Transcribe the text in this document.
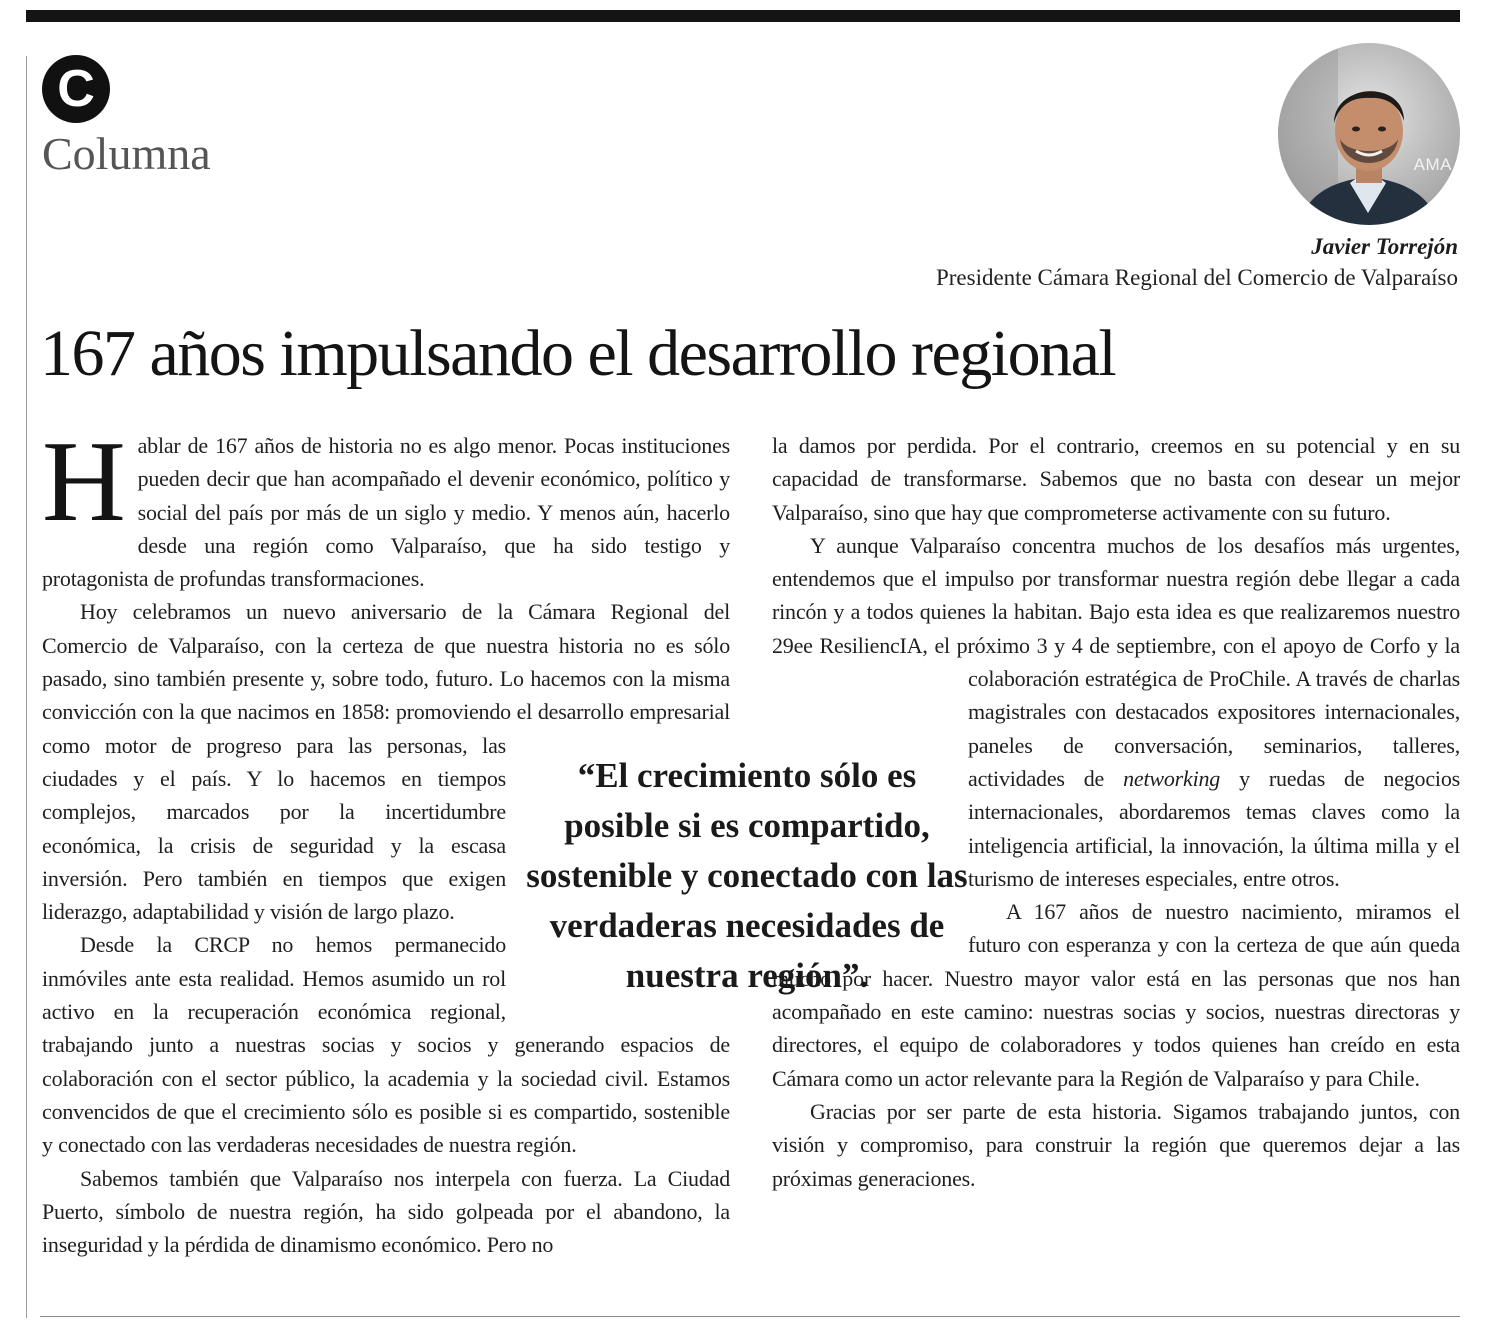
C
Columna	AMA
Javier Torrejón
Presidente Cámara Regional del Comercio de Valparaíso
167 años impulsando el desarrollo regional

Hablar de 167 años de historia no es algo menor. Pocas instituciones pueden decir que han acompañado el devenir económico, político y social del país por más de un siglo y medio. Y menos aún, hacerlo desde una región como Valparaíso, que ha sido testigo y protagonista de profundas transformaciones.

Hoy celebramos un nuevo aniversario de la Cámara Regional del Comercio de Valparaíso, con la certeza de que nuestra historia no es sólo pasado, sino también presente y, sobre todo, futuro. Lo hacemos con la misma convicción con la que nacimos en 1858: promoviendo
el desarrollo empresarial como motor de progreso para las personas, las ciudades y el país. Y lo hacemos en tiempos complejos, marcados por la incertidumbre económica, la crisis de seguridad y la escasa inversión. Pero también en tiempos que exigen liderazgo, adaptabilidad y visión de largo plazo.

Desde la CRCP no hemos permanecido inmóviles ante esta realidad. Hemos asumido un rol activo en la recuperación económica regional, trabajando junto a nuestras socias y socios y generando espacios de colaboración con el sector público, la academia y la sociedad civil. Estamos convencidos de que el crecimiento sólo es posible si es compartido, sostenible y conectado con las verdaderas necesidades de nuestra región.

Sabemos también que Valparaíso nos interpela con fuerza. La Ciudad Puerto, símbolo de nuestra región, ha sido golpeada por el abandono, la inseguridad y la pérdida de dinamismo económico. Pero no

la damos por perdida. Por el contrario, creemos en su potencial y en su capacidad de transformarse. Sabemos que no basta con desear un mejor Valparaíso, sino que hay que comprometerse activamente con su futuro.

Y aunque Valparaíso concentra muchos de los desafíos más urgentes, entendemos que el impulso por transformar nuestra región debe llegar a cada rincón y a todos quienes la habitan. Bajo esta idea es que realizaremos nuestro 29ee ResiliencIA, el próximo 3 y 4 de septiembre, con el apoyo de Corfo y la colaboración estratégica de Pro
Chile. A través de charlas magistrales con destacados expositores internacionales, paneles de conversación, seminarios, talleres, actividades de networking y ruedas de negocios internacionales, abordaremos temas claves como la inteligencia artificial, la innovación, la última milla y el turismo de intereses especiales, entre otros.

A 167 años de nuestro nacimiento, miramos el futuro con esperanza y con la certeza de que aún queda mucho por hacer. Nuestro mayor valor está en las personas que nos han acompañado en este camino: nuestras socias y socios, nuestras directoras y directores, el equipo de colaboradores y todos quienes han creído en esta Cámara como un actor relevante para la Región de Valparaíso y para Chile.

Gracias por ser parte de esta historia. Sigamos trabajando juntos, con visión y compromiso, para construir la región que queremos dejar a las próximas generaciones.

“El crecimiento sólo es posible si es compartido, sostenible y conectado con las verdaderas necesidades de nuestra región”.
